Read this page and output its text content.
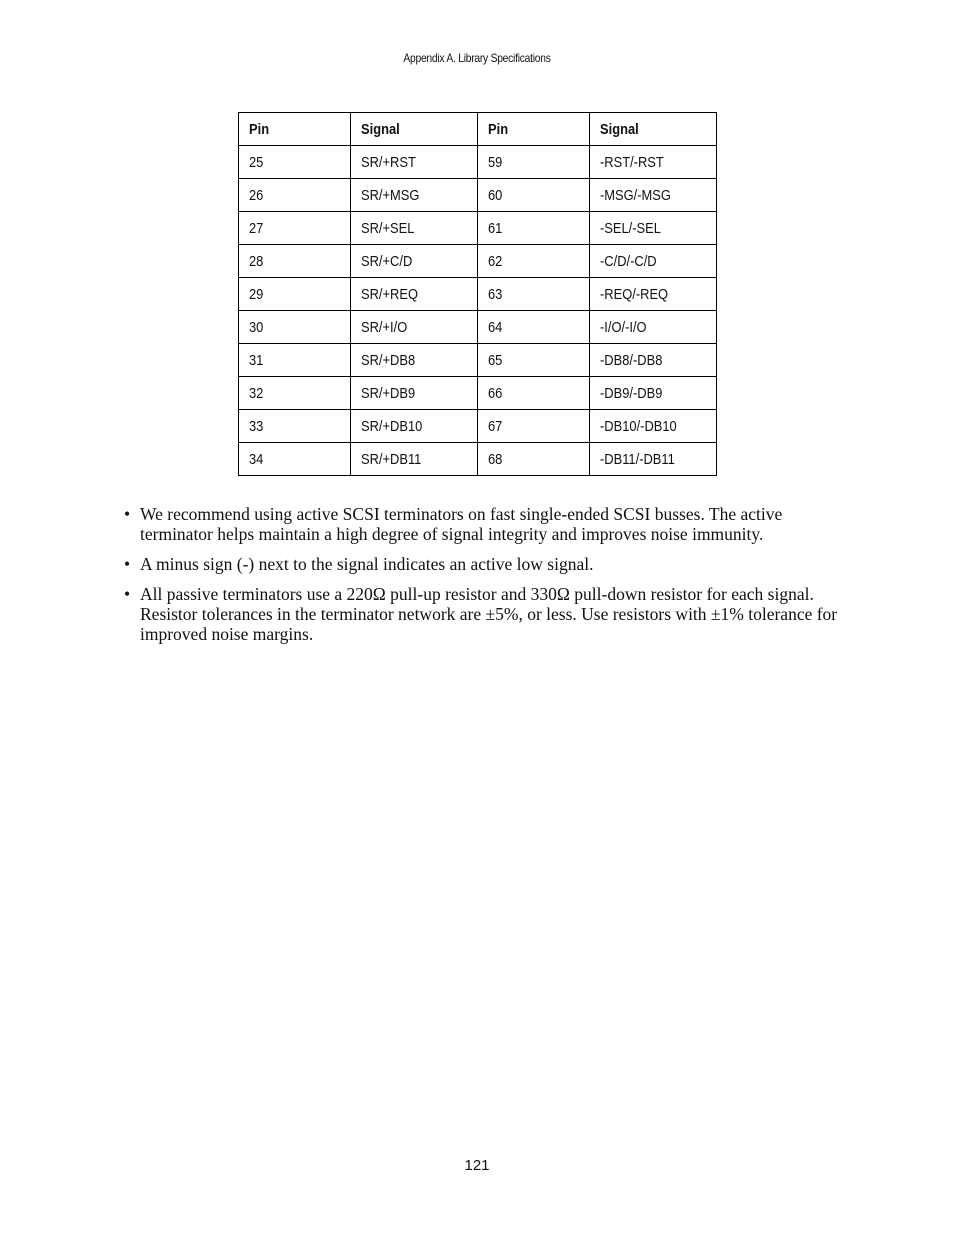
Appendix A. Library Specifications
Pin	Signal	Pin	Signal
25	SR/+RST	59	-RST/-RST
26	SR/+MSG	60	-MSG/-MSG
27	SR/+SEL	61	-SEL/-SEL
28	SR/+C/D	62	-C/D/-C/D
29	SR/+REQ	63	-REQ/-REQ
30	SR/+I/O	64	-I/O/-I/O
31	SR/+DB8	65	-DB8/-DB8
32	SR/+DB9	66	-DB9/-DB9
33	SR/+DB10	67	-DB10/-DB10
34	SR/+DB11	68	-DB11/-DB11
• We recommend using active SCSI terminators on fast single-ended SCSI busses. The active terminator helps maintain a high degree of signal integrity and improves noise immunity.
• A minus sign (-) next to the signal indicates an active low signal.
• All passive terminators use a 220Ω pull-up resistor and 330Ω pull-down resistor for each signal. Resistor tolerances in the terminator network are ±5%, or less. Use resistors with ±1% tolerance for improved noise margins.
121
